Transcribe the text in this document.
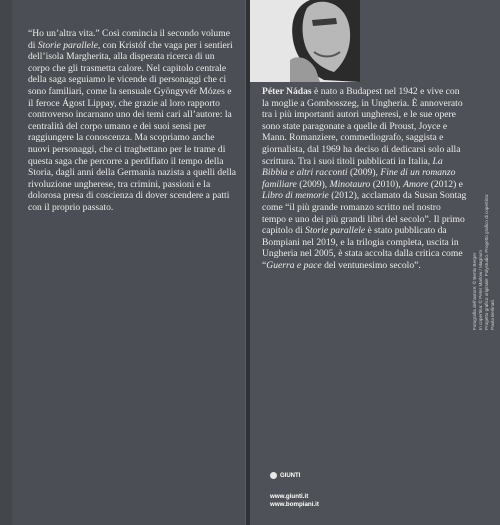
“Ho un’altra vita.” Così comincia il secondo volume di Storie parallele, con Kristóf che vaga per i sentieri dell’isola Margherita, alla disperata ricerca di un corpo che gli trasmetta calore. Nel capitolo centrale della saga seguiamo le vicende di personaggi che ci sono familiari, come la sensuale Gyöngyvér Mózes e il feroce Ágost Lippay, che grazie al loro rapporto controverso incarnano uno dei temi cari all’autore: la centralità del corpo umano e dei suoi sensi per raggiungere la conoscenza. Ma scopriamo anche nuovi personaggi, che ci traghettano per le trame di questa saga che percorre a perdifiato il tempo della Storia, dagli anni della Germania nazista a quelli della rivoluzione ungherese, tra crimini, passioni e la dolorosa presa di coscienza di dover scendere a patti con il proprio passato.

Péter Nádas è nato a Budapest nel 1942 e vive con la moglie a Gombosszeg, in Ungheria. È annoverato tra i più importanti autori ungheresi, e le sue opere sono state paragonate a quelle di Proust, Joyce e Mann. Romanziere, commediografo, saggista e giornalista, dal 1969 ha deciso di dedicarsi solo alla scrittura. Tra i suoi titoli pubblicati in Italia, La Bibbia e altri racconti (2009), Fine di un romanzo familiare (2009), Minotauro (2010), Amore (2012) e Libro di memorie (2012), acclamato da Susan Sontag come “il più grande romanzo scritto nel nostro tempo e uno dei più grandi libri del secolo”. Il primo capitolo di Storie parallele è stato pubblicato da Bompiani nel 2019, e la trilogia completa, uscita in Ungheria nel 2005, è stata accolta dalla critica come “Guerra e pace del ventunesimo secolo”.	Fotografia dell’autore: © Bertis Berger In copertina: © Peter Marlow / Magnum Progetto grafico originale: Polystudio. Progetto grafico di copertina: Paola Berlinati.
GIUNTI
www.giunti.it
www.bompiani.it
